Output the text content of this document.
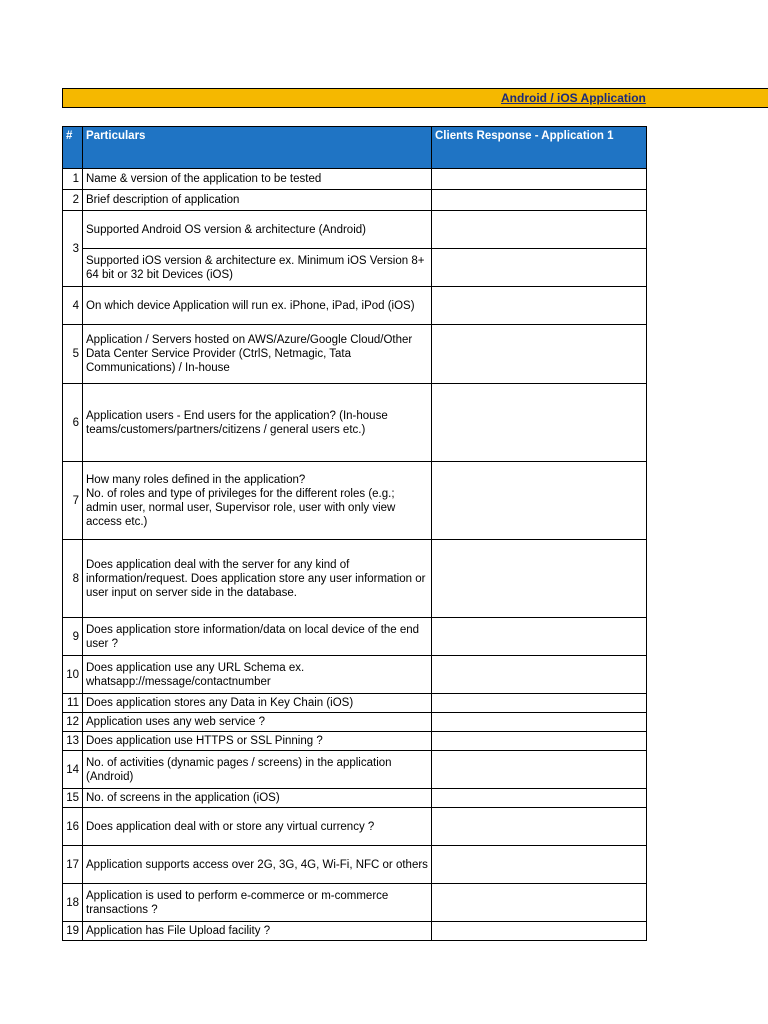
Android / iOS Application
#	Particulars	Clients Response - Application 1
1	Name & version of the application to be tested	
2	Brief description of application	
3	Supported Android OS version & architecture (Android)	
	Supported iOS version & architecture ex. Minimum iOS Version 8+ 64 bit or 32 bit Devices (iOS)	
4	On which device Application will run ex. iPhone, iPad, iPod (iOS)	
5	Application / Servers hosted on AWS/Azure/Google Cloud/Other Data Center Service Provider (CtrlS, Netmagic, Tata Communications) / In-house	
6	Application users - End users for the application? (In-house teams/customers/partners/citizens / general users etc.)	
7	How many roles defined in the application?
No. of roles and type of privileges for the different roles (e.g.; admin user, normal user, Supervisor role, user with only view access etc.)	
8	Does application deal with the server for any kind of information/request. Does application store any user information or user input on server side in the database.	
9	Does application store information/data on local device of the end user ?	
10	Does application use any URL Schema ex. whatsapp://message/contactnumber	
11	Does application stores any Data in Key Chain (iOS)	
12	Application uses any web service ?	
13	Does application use HTTPS or SSL Pinning ?	
14	No. of activities (dynamic pages / screens) in the application (Android)	
15	No. of screens in the application (iOS)	
16	Does application deal with or store any virtual currency ?	
17	Application supports access over 2G, 3G, 4G, Wi-Fi, NFC or others	
18	Application is used to perform e-commerce or m-commerce transactions ?	
19	Application has File Upload facility ?	
